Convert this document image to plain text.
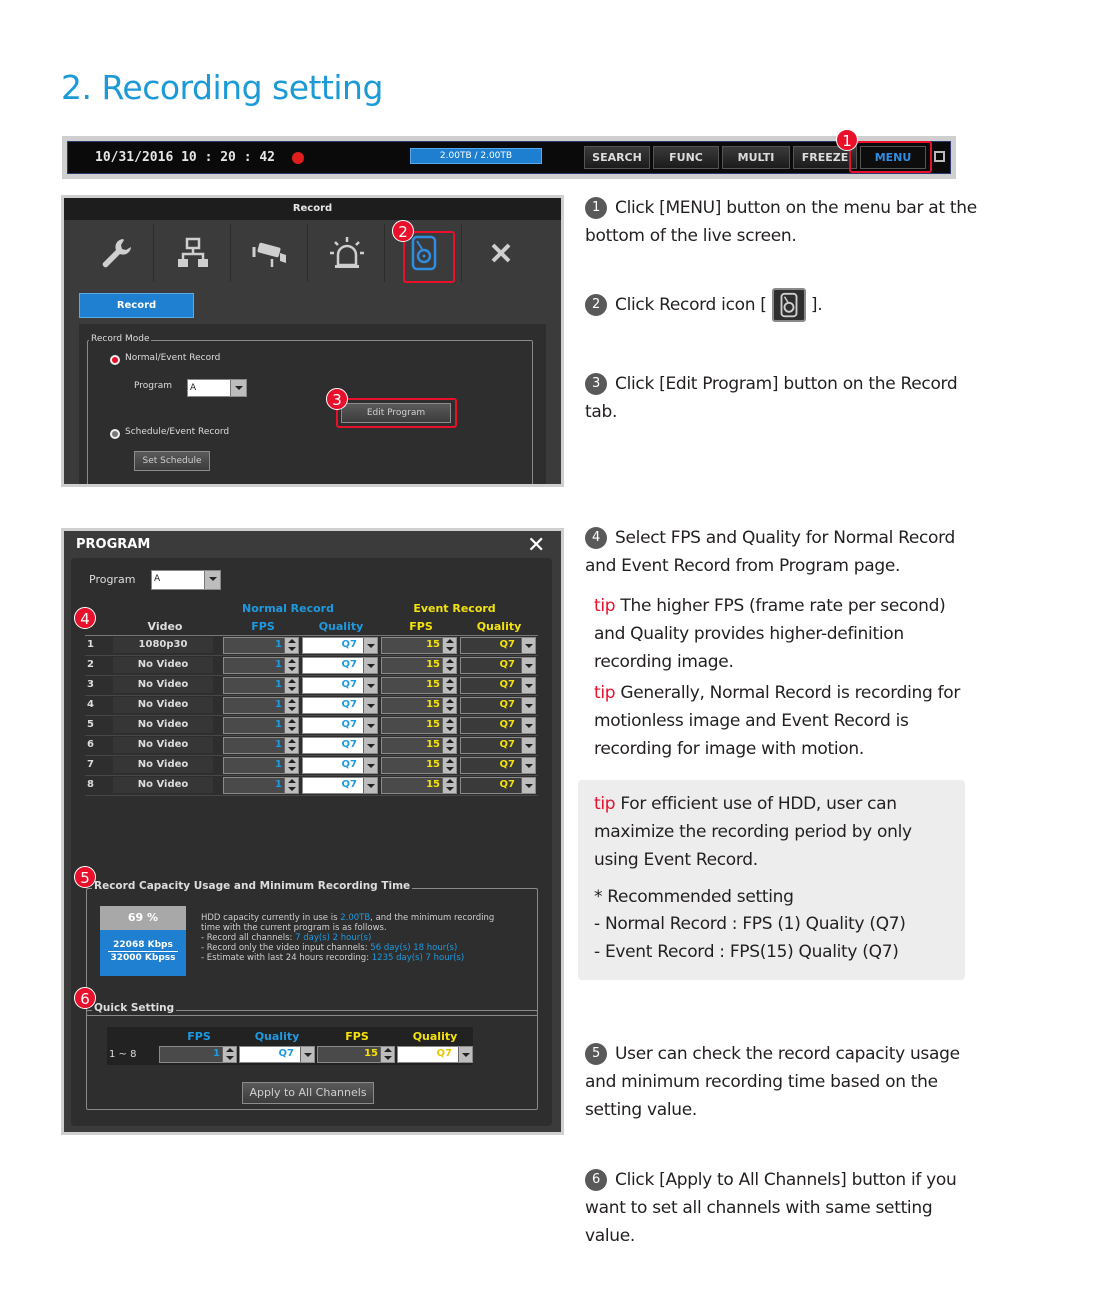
2. Recording setting
10/31/2016 10 : 20 : 42	2.00TB / 2.00TB	SEARCH	FUNC	MULTI	FREEZE	MENU
1
Record
Record
Record Mode
Normal/Event Record
Program	A
Edit Program
Schedule/Event Record
Set Schedule
2
3
1 Click [MENU] button on the menu bar at the bottom of the live screen.
2 Click Record icon [	].
3 Click [Edit Program] button on the Record tab.
4 Select FPS and Quality for Normal Record and Event Record from Program page.
tip The higher FPS (frame rate per second) and Quality provides higher-definition recording image.
tip Generally, Normal Record is recording for motionless image and Event Record is recording for image with motion.
tip For efficient use of HDD, user can maximize the recording period by only using Event Record.
* Recommended setting
- Normal Record : FPS (1) Quality (Q7)
- Event Record : FPS(15) Quality (Q7)
5 User can check the record capacity usage and minimum recording time based on the setting value.
6 Click [Apply to All Channels] button if you want to set all channels with same setting value.
PROGRAM	✕
Program	A
Normal Record	Event Record
Video	FPS	Quality	FPS	Quality
1	1080p30	1	Q7	15	Q7
2	No Video	1	Q7	15	Q7
3	No Video	1	Q7	15	Q7
4	No Video	1	Q7	15	Q7
5	No Video	1	Q7	15	Q7
6	No Video	1	Q7	15	Q7
7	No Video	1	Q7	15	Q7
8	No Video	1	Q7	15	Q7
Record Capacity Usage and Minimum Recording Time
69 %
22068 Kbps
32000 Kbpss
HDD capacity currently in use is 2.00TB, and the minimum recording
time with the current program is as follows.
- Record all channels: 7 day(s) 2 hour(s)
- Record only the video input channels: 56 day(s) 18 hour(s)
- Estimate with last 24 hours recording: 1235 day(s) 7 hour(s)
Quick Setting
FPS	Quality	FPS	Quality
1 ~ 8	1	Q7	15	Q7
Apply to All Channels
4
5
6
